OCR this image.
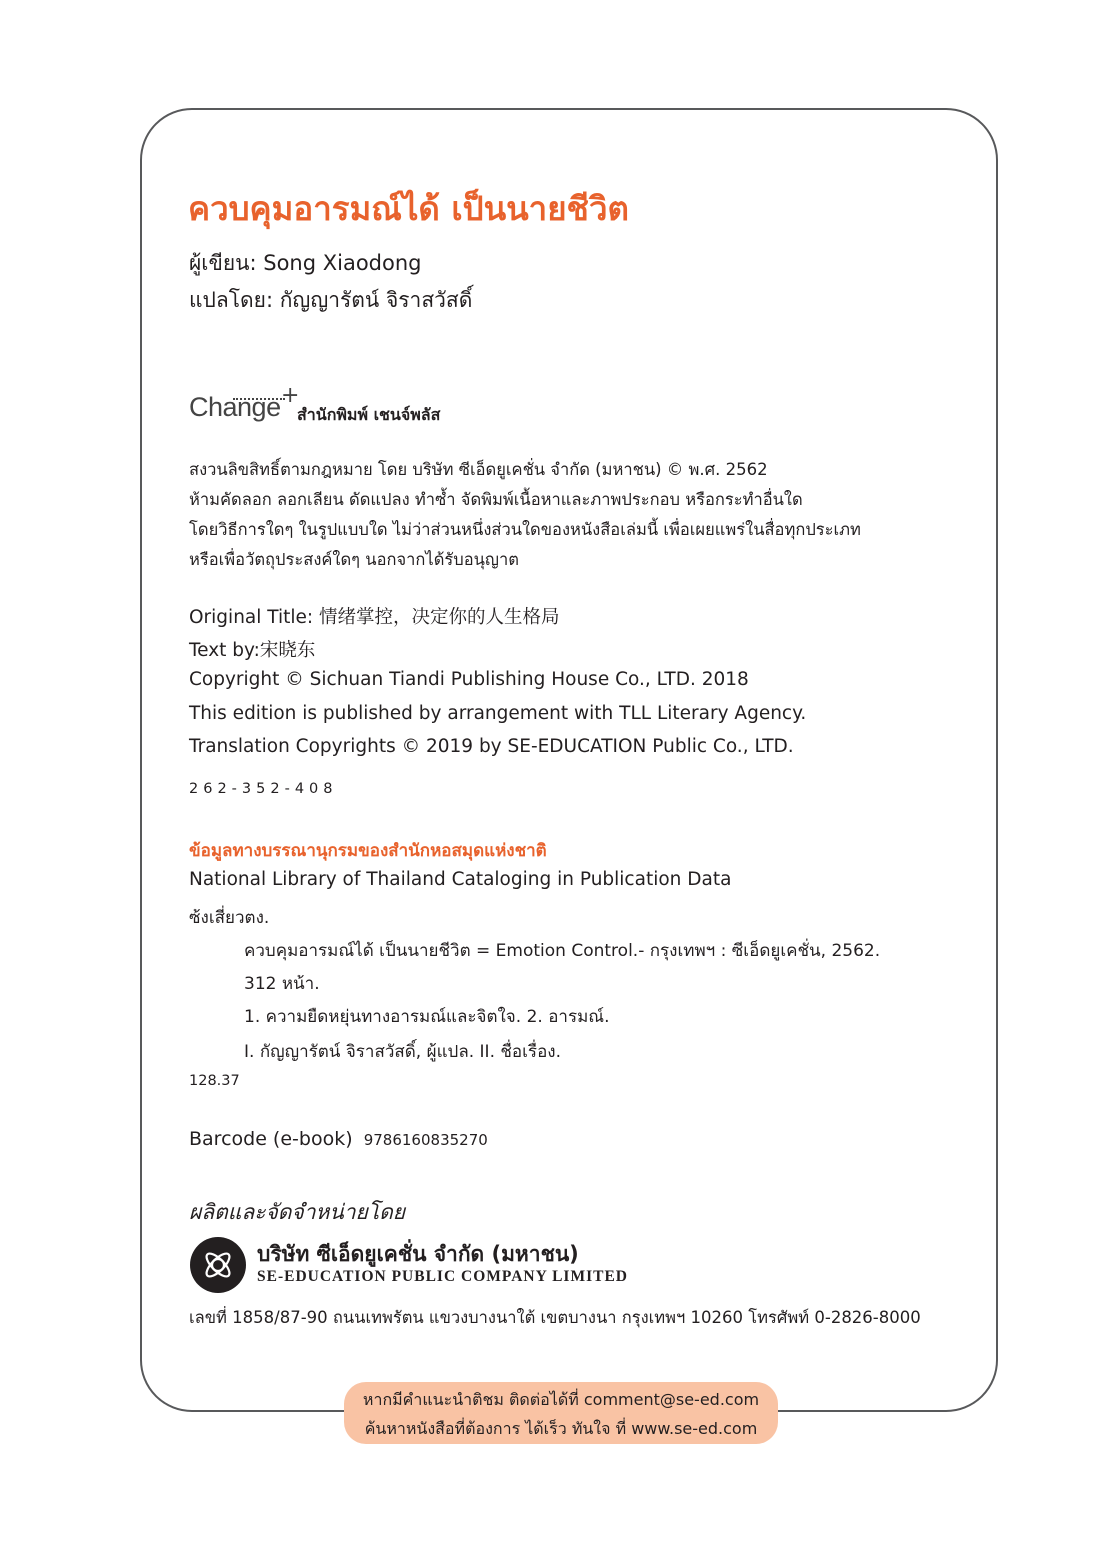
ควบคุมอารมณ์ได้ เป็นนายชีวิต
ผู้เขียน: Song Xiaodong
แปลโดย: กัญญารัตน์ จิราสวัสดิ์
Change +
สำนักพิมพ์ เชนจ์พลัส
สงวนลิขสิทธิ์ตามกฎหมาย โดย บริษัท ซีเอ็ดยูเคชั่น จำกัด (มหาชน) © พ.ศ. 2562
ห้ามคัดลอก ลอกเลียน ดัดแปลง ทำซ้ำ จัดพิมพ์เนื้อหาและภาพประกอบ หรือกระทำอื่นใด
โดยวิธีการใดๆ ในรูปแบบใด ไม่ว่าส่วนหนึ่งส่วนใดของหนังสือเล่มนี้ เพื่อเผยแพร่ในสื่อทุกประเภท
หรือเพื่อวัตถุประสงค์ใดๆ นอกจากได้รับอนุญาต
Original Title: 情绪掌控，决定你的人生格局
Text by:宋晓东
Copyright © Sichuan Tiandi Publishing House Co., LTD. 2018
This edition is published by arrangement with TLL Literary Agency.
Translation Copyrights © 2019 by SE-EDUCATION Public Co., LTD.
262-352-408
ข้อมูลทางบรรณานุกรมของสำนักหอสมุดแห่งชาติ
National Library of Thailand Cataloging in Publication Data
ซ้งเสี่ยวตง.
ควบคุมอารมณ์ได้ เป็นนายชีวิต = Emotion Control.- กรุงเทพฯ : ซีเอ็ดยูเคชั่น, 2562.
312 หน้า.
1. ความยืดหยุ่นทางอารมณ์และจิตใจ. 2. อารมณ์.
I. กัญญารัตน์ จิราสวัสดิ์, ผู้แปล. II. ชื่อเรื่อง.
128.37
Barcode (e-book) 9786160835270
ผลิตและจัดจำหน่ายโดย
บริษัท ซีเอ็ดยูเคชั่น จำกัด (มหาชน)
SE-EDUCATION PUBLIC COMPANY LIMITED
เลขที่ 1858/87-90 ถนนเทพรัตน แขวงบางนาใต้ เขตบางนา กรุงเทพฯ 10260 โทรศัพท์ 0-2826-8000
หากมีคำแนะนำติชม ติดต่อได้ที่ comment@se-ed.com
ค้นหาหนังสือที่ต้องการ ได้เร็ว ทันใจ ที่ www.se-ed.com
